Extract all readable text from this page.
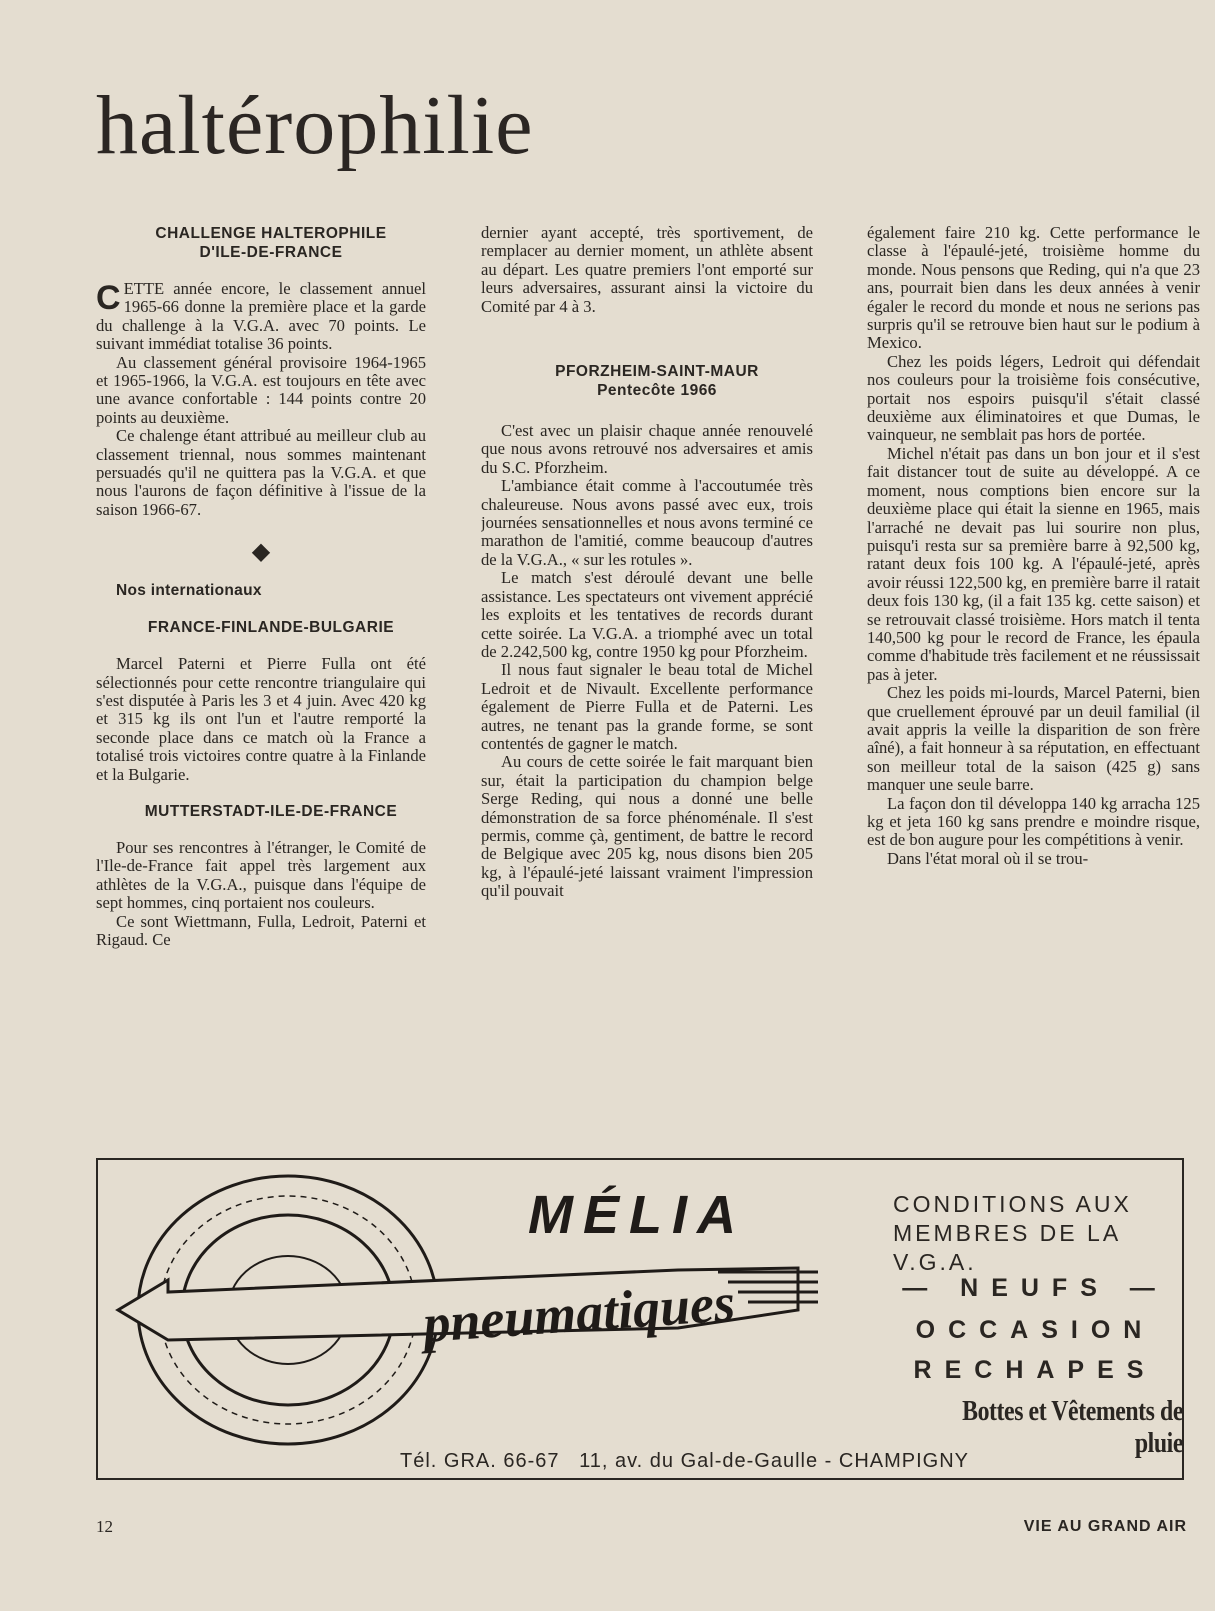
haltérophilie

CHALLENGE HALTEROPHILE

D'ILE-DE-FRANCE

CETTE année encore, le classement annuel 1965-66 donne la première place et la garde du challenge à la V.G.A. avec 70 points. Le suivant immédiat totalise 36 points.

Au classement général provisoire 1964-1965 et 1965-1966, la V.G.A. est toujours en tête avec une avance confortable : 144 points contre 20 points au deuxième.

Ce chalenge étant attribué au meilleur club au classement triennal, nous sommes maintenant persuadés qu'il ne quittera pas la V.G.A. et que nous l'aurons de façon définitive à l'issue de la saison 1966-67.

◆

Nos internationaux

FRANCE-FINLANDE-BULGARIE

Marcel Paterni et Pierre Fulla ont été sélectionnés pour cette rencontre triangulaire qui s'est disputée à Paris les 3 et 4 juin. Avec 420 kg et 315 kg ils ont l'un et l'autre remporté la seconde place dans ce match où la France a totalisé trois victoires contre quatre à la Finlande et la Bulgarie.

MUTTERSTADT-ILE-DE-FRANCE

Pour ses rencontres à l'étranger, le Comité de l'Ile-de-France fait appel très largement aux athlètes de la V.G.A., puisque dans l'équipe de sept hommes, cinq portaient nos couleurs.

Ce sont Wiettmann, Fulla, Ledroit, Paterni et Rigaud. Ce

dernier ayant accepté, très sportivement, de remplacer au dernier moment, un athlète absent au départ. Les quatre premiers l'ont emporté sur leurs adversaires, assurant ainsi la victoire du Comité par 4 à 3.

PFORZHEIM-SAINT-MAUR

Pentecôte 1966

C'est avec un plaisir chaque année renouvelé que nous avons retrouvé nos adversaires et amis du S.C. Pforzheim.

L'ambiance était comme à l'accoutumée très chaleureuse. Nous avons passé avec eux, trois journées sensationnelles et nous avons terminé ce marathon de l'amitié, comme beaucoup d'autres de la V.G.A., « sur les rotules ».

Le match s'est déroulé devant une belle assistance. Les spectateurs ont vivement apprécié les exploits et les tentatives de records durant cette soirée. La V.G.A. a triomphé avec un total de 2.242,500 kg, contre 1950 kg pour Pforzheim.

Il nous faut signaler le beau total de Michel Ledroit et de Nivault. Excellente performance également de Pierre Fulla et de Paterni. Les autres, ne tenant pas la grande forme, se sont contentés de gagner le match.

Au cours de cette soirée le fait marquant bien sur, était la participation du champion belge Serge Reding, qui nous a donné une belle démonstration de sa force phénoménale. Il s'est permis, comme çà, gentiment, de battre le record de Belgique avec 205 kg, nous disons bien 205 kg, à l'épaulé-jeté laissant vraiment l'impression qu'il pouvait

également faire 210 kg. Cette performance le classe à l'épaulé-jeté, troisième homme du monde. Nous pensons que Reding, qui n'a que 23 ans, pourrait bien dans les deux années à venir égaler le record du monde et nous ne serions pas surpris qu'il se retrouve bien haut sur le podium à Mexico.

Chez les poids légers, Ledroit qui défendait nos couleurs pour la troisième fois consécutive, portait nos espoirs puisqu'il s'était classé deuxième aux éliminatoires et que Dumas, le vainqueur, ne semblait pas hors de portée.

Michel n'était pas dans un bon jour et il s'est fait distancer tout de suite au développé. A ce moment, nous comptions bien encore sur la deuxième place qui était la sienne en 1965, mais l'arraché ne devait pas lui sourire non plus, puisqu'i resta sur sa première barre à 92,500 kg, ratant deux fois 100 kg. A l'épaulé-jeté, après avoir réussi 122,500 kg, en première barre il ratait deux fois 130 kg, (il a fait 135 kg. cette saison) et se retrouvait classé troisième. Hors match il tenta 140,500 kg pour le record de France, les épaula comme d'habitude très facilement et ne réussissait pas à jeter.

Chez les poids mi-lourds, Marcel Paterni, bien que cruellement éprouvé par un deuil familial (il avait appris la veille la disparition de son frère aîné), a fait honneur à sa réputation, en effectuant son meilleur total de la saison (425 g) sans manquer une seule barre.

La façon don til développa 140 kg arracha 125 kg et jeta 160 kg sans prendre e moindre risque, est de bon augure pour les compétitions à venir.

Dans l'état moral où il se trou-

MÉLIA
pneumatiques
CONDITIONS AUX
MEMBRES DE LA V.G.A.
— NEUFS —
OCCASION
RECHAPES
Bottes et Vêtements de pluie
Tél. GRA. 66-67   11, av. du Gal-de-Gaulle - CHAMPIGNY
12	VIE AU GRAND AIR
